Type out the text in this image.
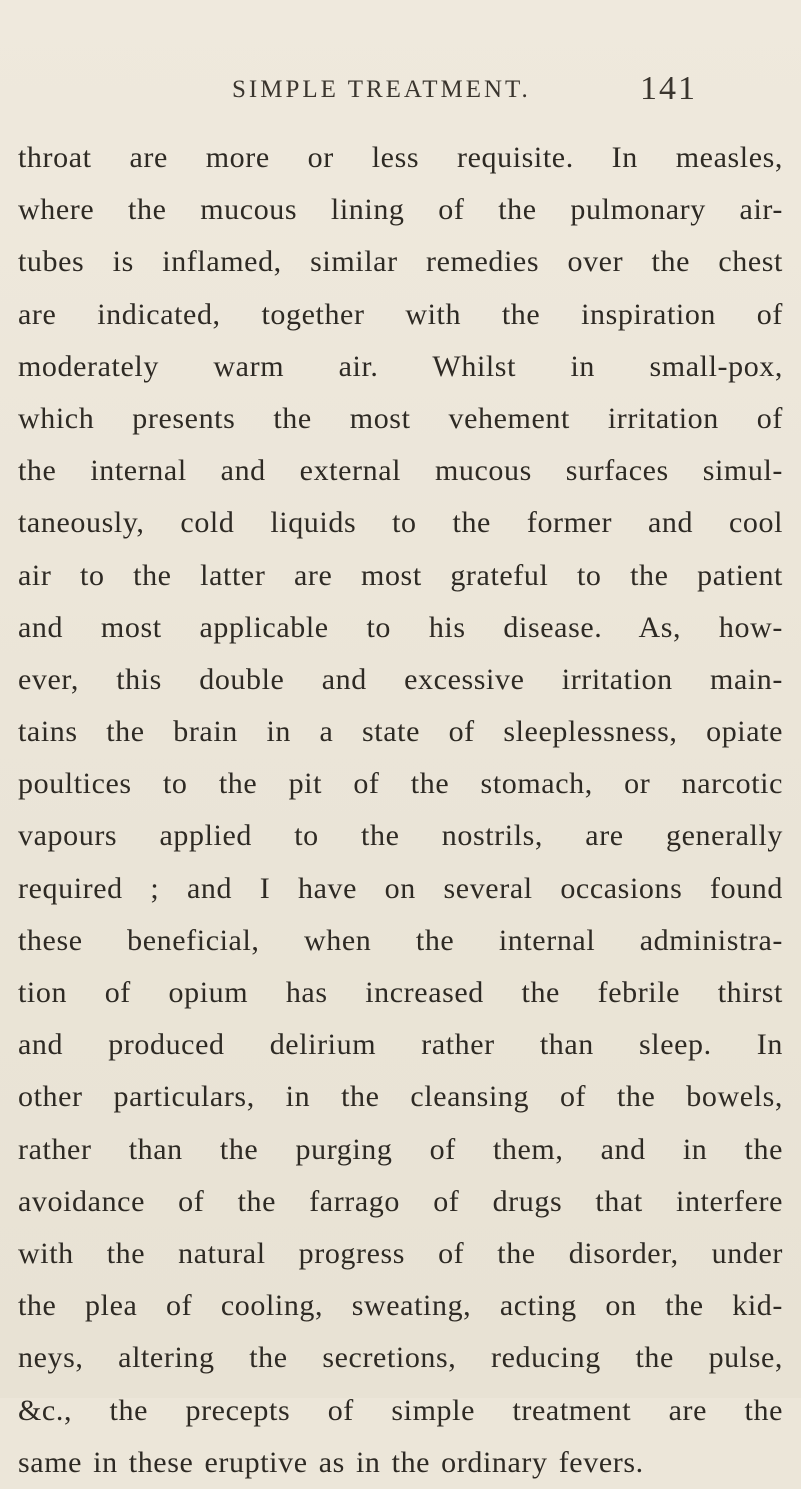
SIMPLE TREATMENT.	141
throat are more or less requisite. In measles,
where the mucous lining of the pulmonary air-
tubes is inflamed, similar remedies over the chest
are indicated, together with the inspiration of
moderately warm air. Whilst in small-pox,
which presents the most vehement irritation of
the internal and external mucous surfaces simul-
taneously, cold liquids to the former and cool
air to the latter are most grateful to the patient
and most applicable to his disease. As, how-
ever, this double and excessive irritation main-
tains the brain in a state of sleeplessness, opiate
poultices to the pit of the stomach, or narcotic
vapours applied to the nostrils, are generally
required ; and I have on several occasions found
these beneficial, when the internal administra-
tion of opium has increased the febrile thirst
and produced delirium rather than sleep. In
other particulars, in the cleansing of the bowels,
rather than the purging of them, and in the
avoidance of the farrago of drugs that interfere
with the natural progress of the disorder, under
the plea of cooling, sweating, acting on the kid-
neys, altering the secretions, reducing the pulse,
&c., the precepts of simple treatment are the
same in these eruptive as in the ordinary fevers.
